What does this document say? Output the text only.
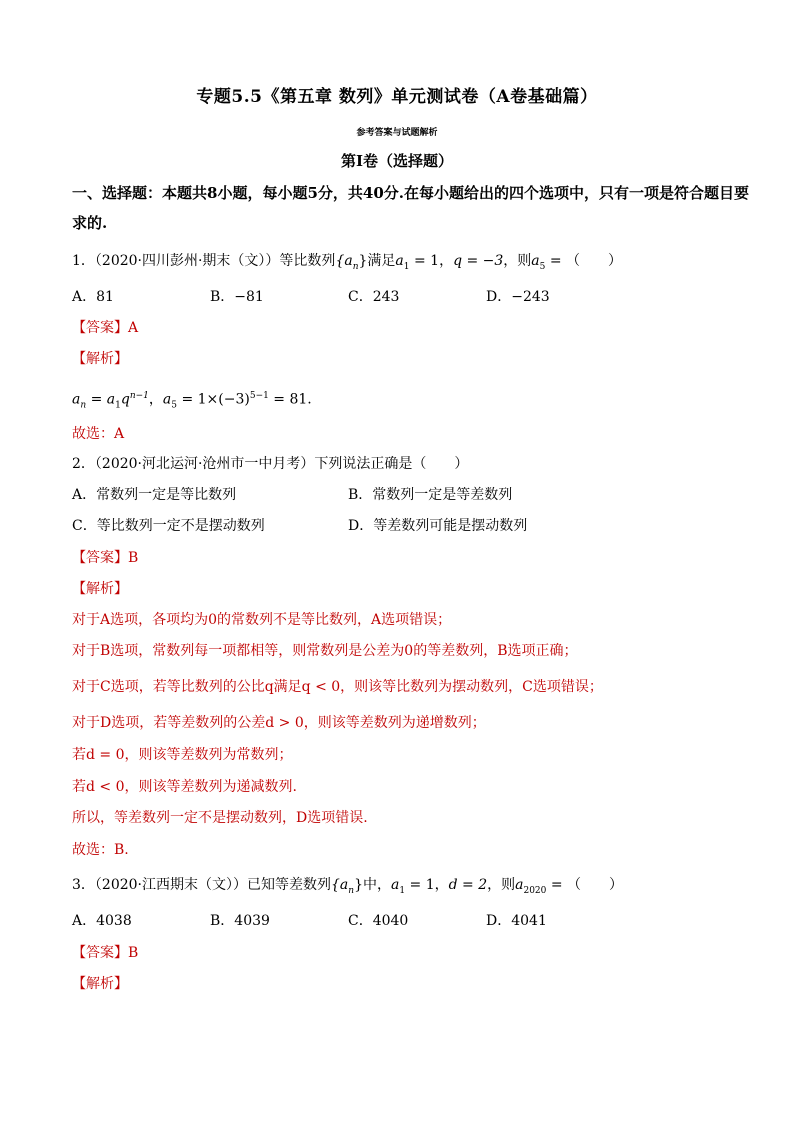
专题5.5《第五章 数列》单元测试卷（A卷基础篇）
参考答案与试题解析
第Ⅰ卷（选择题）
一、选择题：本题共8小题，每小题5分，共40分.在每小题给出的四个选项中，只有一项是符合题目要
求的.
1．（2020·四川彭州·期末（文））等比数列$\{a_n\}$满足$a_1 = 1$，q = −3，则$a_5$ = （　　）
A．81	B．−81	C．243	D．−243
【答案】A
【解析】
$a_n = a_1q^{n-1}$，$a_5 = 1\times(-3)^{5-1} = 81$.
故选：A
2．（2020·河北运河·沧州市一中月考）下列说法正确是（　　）
A．常数列一定是等比数列	B．常数列一定是等差数列
C．等比数列一定不是摆动数列	D．等差数列可能是摆动数列
【答案】B
【解析】
对于A选项，各项均为0的常数列不是等比数列，A选项错误；
对于B选项，常数列每一项都相等，则常数列是公差为0的等差数列，B选项正确；
对于C选项，若等比数列的公比q满足q < 0，则该等比数列为摆动数列，C选项错误；
对于D选项，若等差数列的公差d > 0，则该等差数列为递增数列；
若d = 0，则该等差数列为常数列；
若d < 0，则该等差数列为递减数列.
所以，等差数列一定不是摆动数列，D选项错误.
故选：B.
3．（2020·江西期末（文））已知等差数列$\{a_n\}$中，$a_1 = 1$，d = 2，则$a_{2020}$ = （　　）
A．4038	B．4039	C．4040	D．4041
【答案】B
【解析】
